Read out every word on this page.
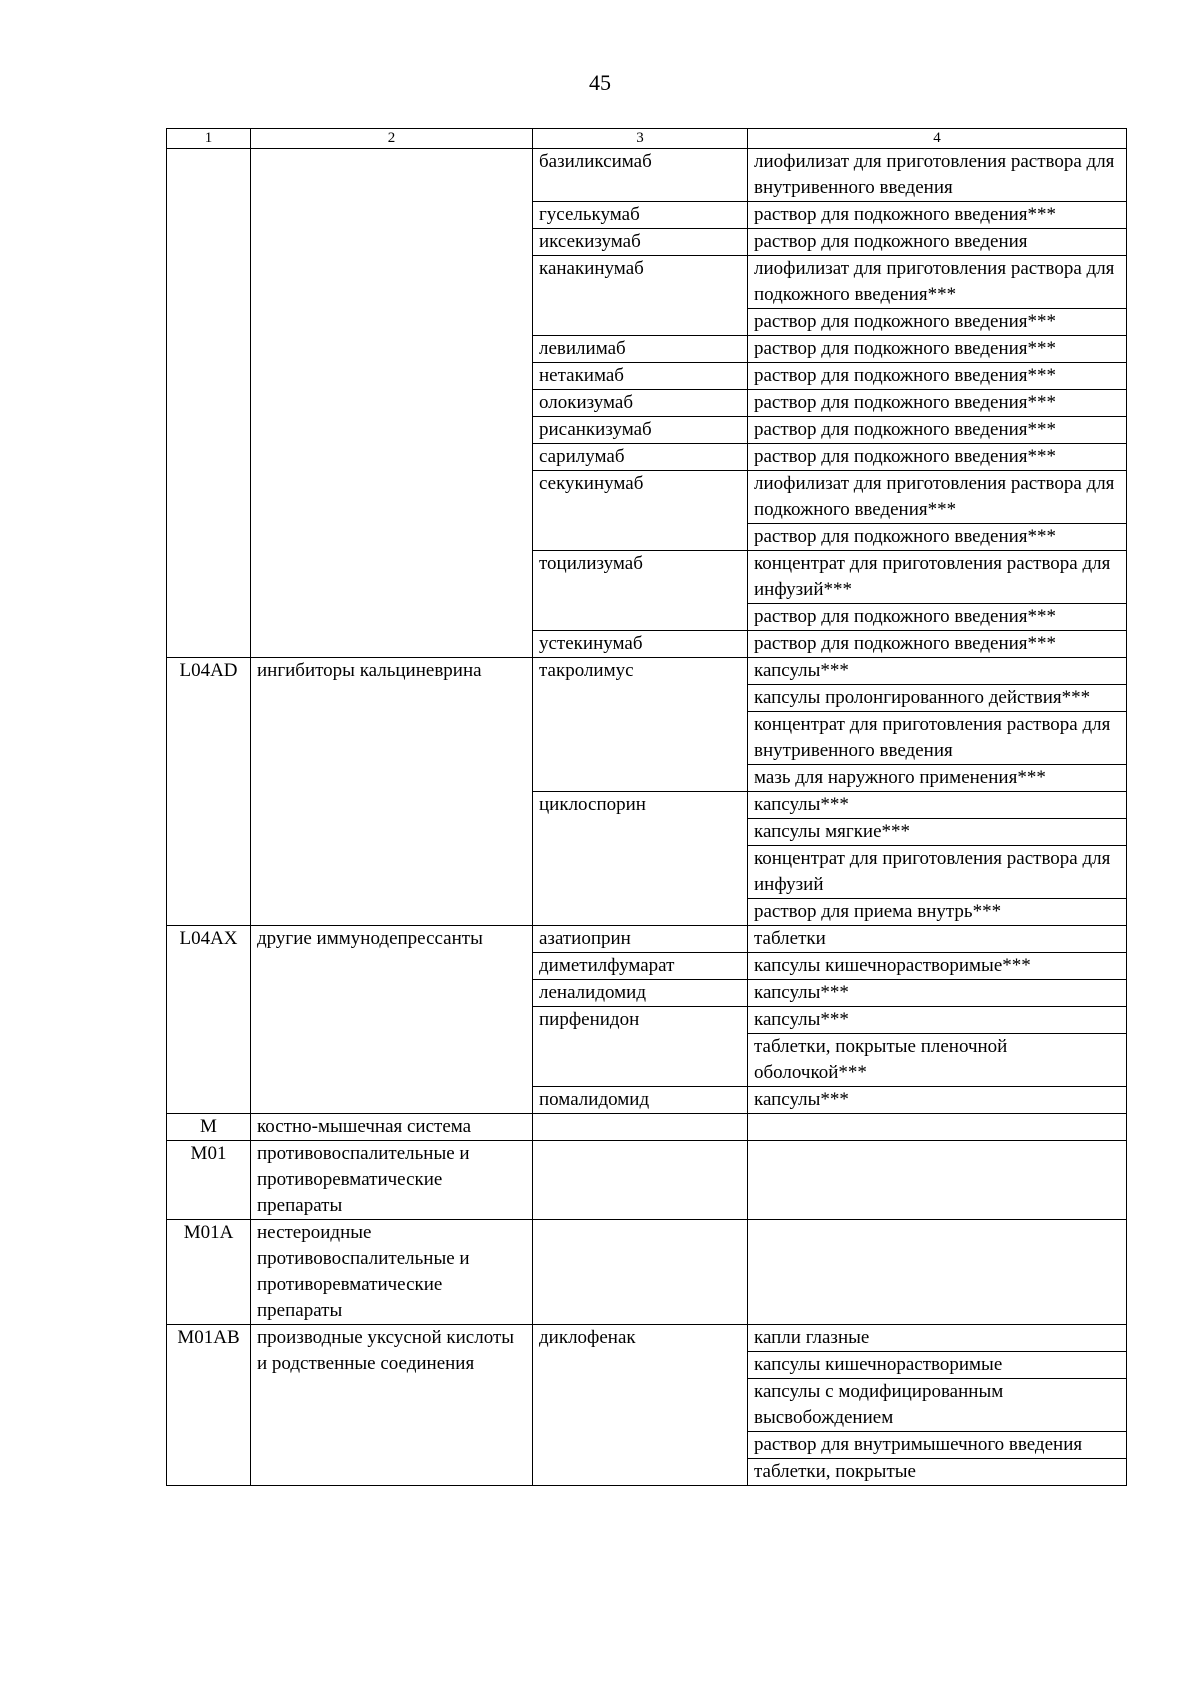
45
1	2	3	4
		базиликсимаб	лиофилизат для приготовления раствора для внутривенного введения
		гуселькумаб	раствор для подкожного введения***
		иксекизумаб	раствор для подкожного введения
		канакинумаб	лиофилизат для приготовления раствора для подкожного введения***
			раствор для подкожного введения***
		левилимаб	раствор для подкожного введения***
		нетакимаб	раствор для подкожного введения***
		олокизумаб	раствор для подкожного введения***
		рисанкизумаб	раствор для подкожного введения***
		сарилумаб	раствор для подкожного введения***
		секукинумаб	лиофилизат для приготовления раствора для подкожного введения***
			раствор для подкожного введения***
		тоцилизумаб	концентрат для приготовления раствора для инфузий***
			раствор для подкожного введения***
		устекинумаб	раствор для подкожного введения***
L04AD	ингибиторы кальциневрина	такролимус	капсулы***
			капсулы пролонгированного действия***
			концентрат для приготовления раствора для внутривенного введения
			мазь для наружного применения***
		циклоспорин	капсулы***
			капсулы мягкие***
			концентрат для приготовления раствора для инфузий
			раствор для приема внутрь***
L04AX	другие иммунодепрессанты	азатиоприн	таблетки
		диметилфумарат	капсулы кишечнорастворимые***
		леналидомид	капсулы***
		пирфенидон	капсулы***
			таблетки, покрытые пленочной оболочкой***
		помалидомид	капсулы***
M	костно-мышечная система		
M01	противовоспалительные и противоревматические препараты		
M01A	нестероидные противовоспалительные и противоревматические препараты		
M01AB	производные уксусной кислоты и родственные соединения	диклофенак	капли глазные
			капсулы кишечнорастворимые
			капсулы с модифицированным высвобождением
			раствор для внутримышечного введения
			таблетки, покрытые
